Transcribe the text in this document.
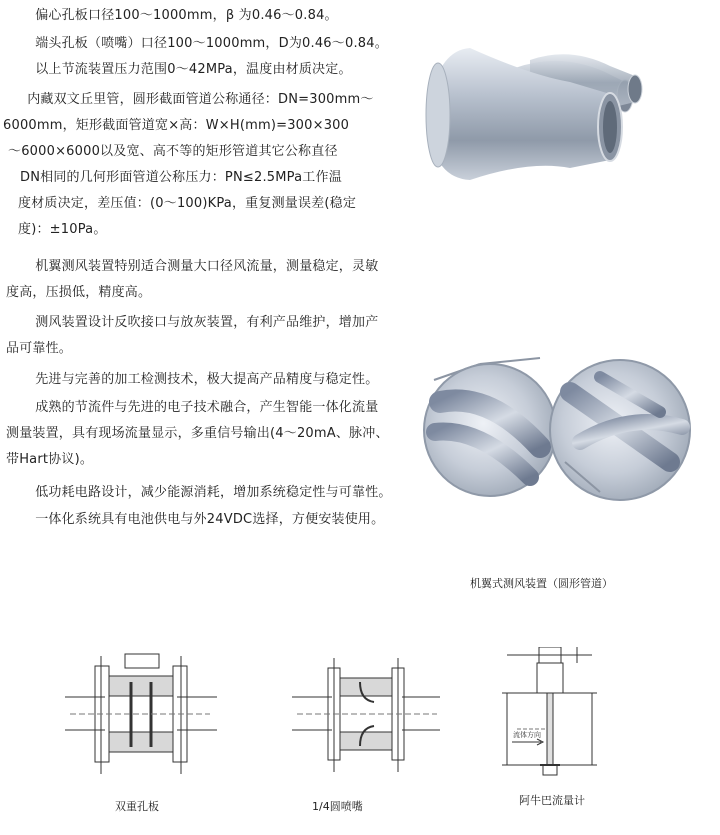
　偏心孔板口径100～1000mm，β 为0.46～0.84。
　端头孔板（喷嘴）口径100～1000mm，D为0.46～0.84。
　以上节流装置压力范围0～42MPa，温度由材质决定。
　内藏双文丘里管，圆形截面管道公称通径：DN=300mm～
6000mm，矩形截面管道宽×高：W×H(mm)=300×300
～6000×6000以及宽、高不等的矩形管道其它公称直径
DN相同的几何形面管道公称压力：PN≤2.5MPa工作温
度材质决定，差压值：(0～100)KPa，重复测量误差(稳定
度)：±10Pa。
　机翼测风装置特别适合测量大口径风流量，测量稳定，灵敏
度高，压损低，精度高。
　测风装置设计反吹接口与放灰装置，有利产品维护，增加产
品可靠性。
　先进与完善的加工检测技术，极大提高产品精度与稳定性。
　成熟的节流件与先进的电子技术融合，产生智能一体化流量
测量装置，具有现场流量显示，多重信号输出(4～20mA、脉冲、
带Hart协议)。
　低功耗电路设计，减少能源消耗，增加系统稳定性与可靠性。
　一体化系统具有电池供电与外24VDC选择，方便安装使用。
机翼式测风装置（圆形管道）
双重孔板	1/4圆喷嘴
流体方向
阿牛巴流量计
